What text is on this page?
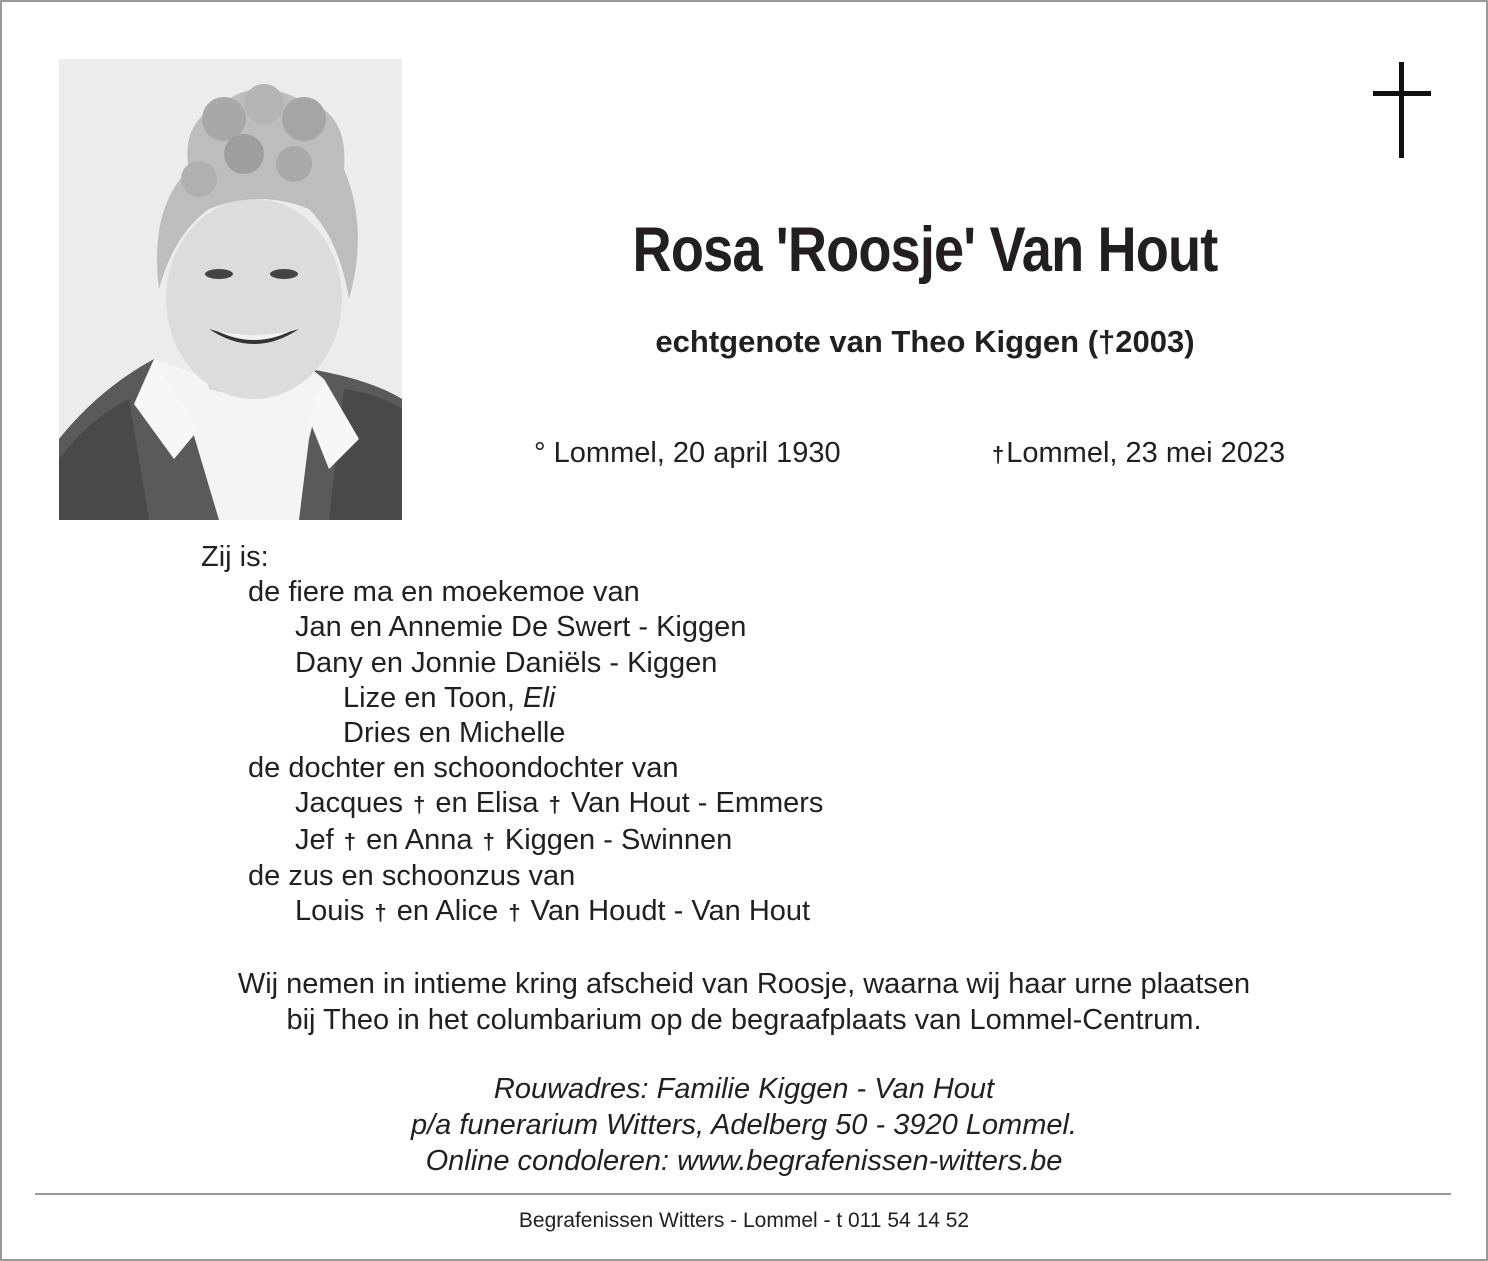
Rosa 'Roosje' Van Hout
echtgenote van Theo Kiggen (†2003)
° Lommel, 20 april 1930	†Lommel, 23 mei 2023
Zij is:
de fiere ma en moekemoe van
Jan en Annemie De Swert - Kiggen
Dany en Jonnie Daniëls - Kiggen
Lize en Toon, Eli
Dries en Michelle
de dochter en schoondochter van
Jacques † en Elisa † Van Hout - Emmers
Jef † en Anna † Kiggen - Swinnen
de zus en schoonzus van
Louis † en Alice † Van Houdt - Van Hout
Wij nemen in intieme kring afscheid van Roosje, waarna wij haar urne plaatsen
bij Theo in het columbarium op de begraafplaats van Lommel-Centrum.
Rouwadres: Familie Kiggen - Van Hout
p/a funerarium Witters, Adelberg 50 - 3920 Lommel.
Online condoleren: www.begrafenissen-witters.be
Begrafenissen Witters - Lommel - t 011 54 14 52
